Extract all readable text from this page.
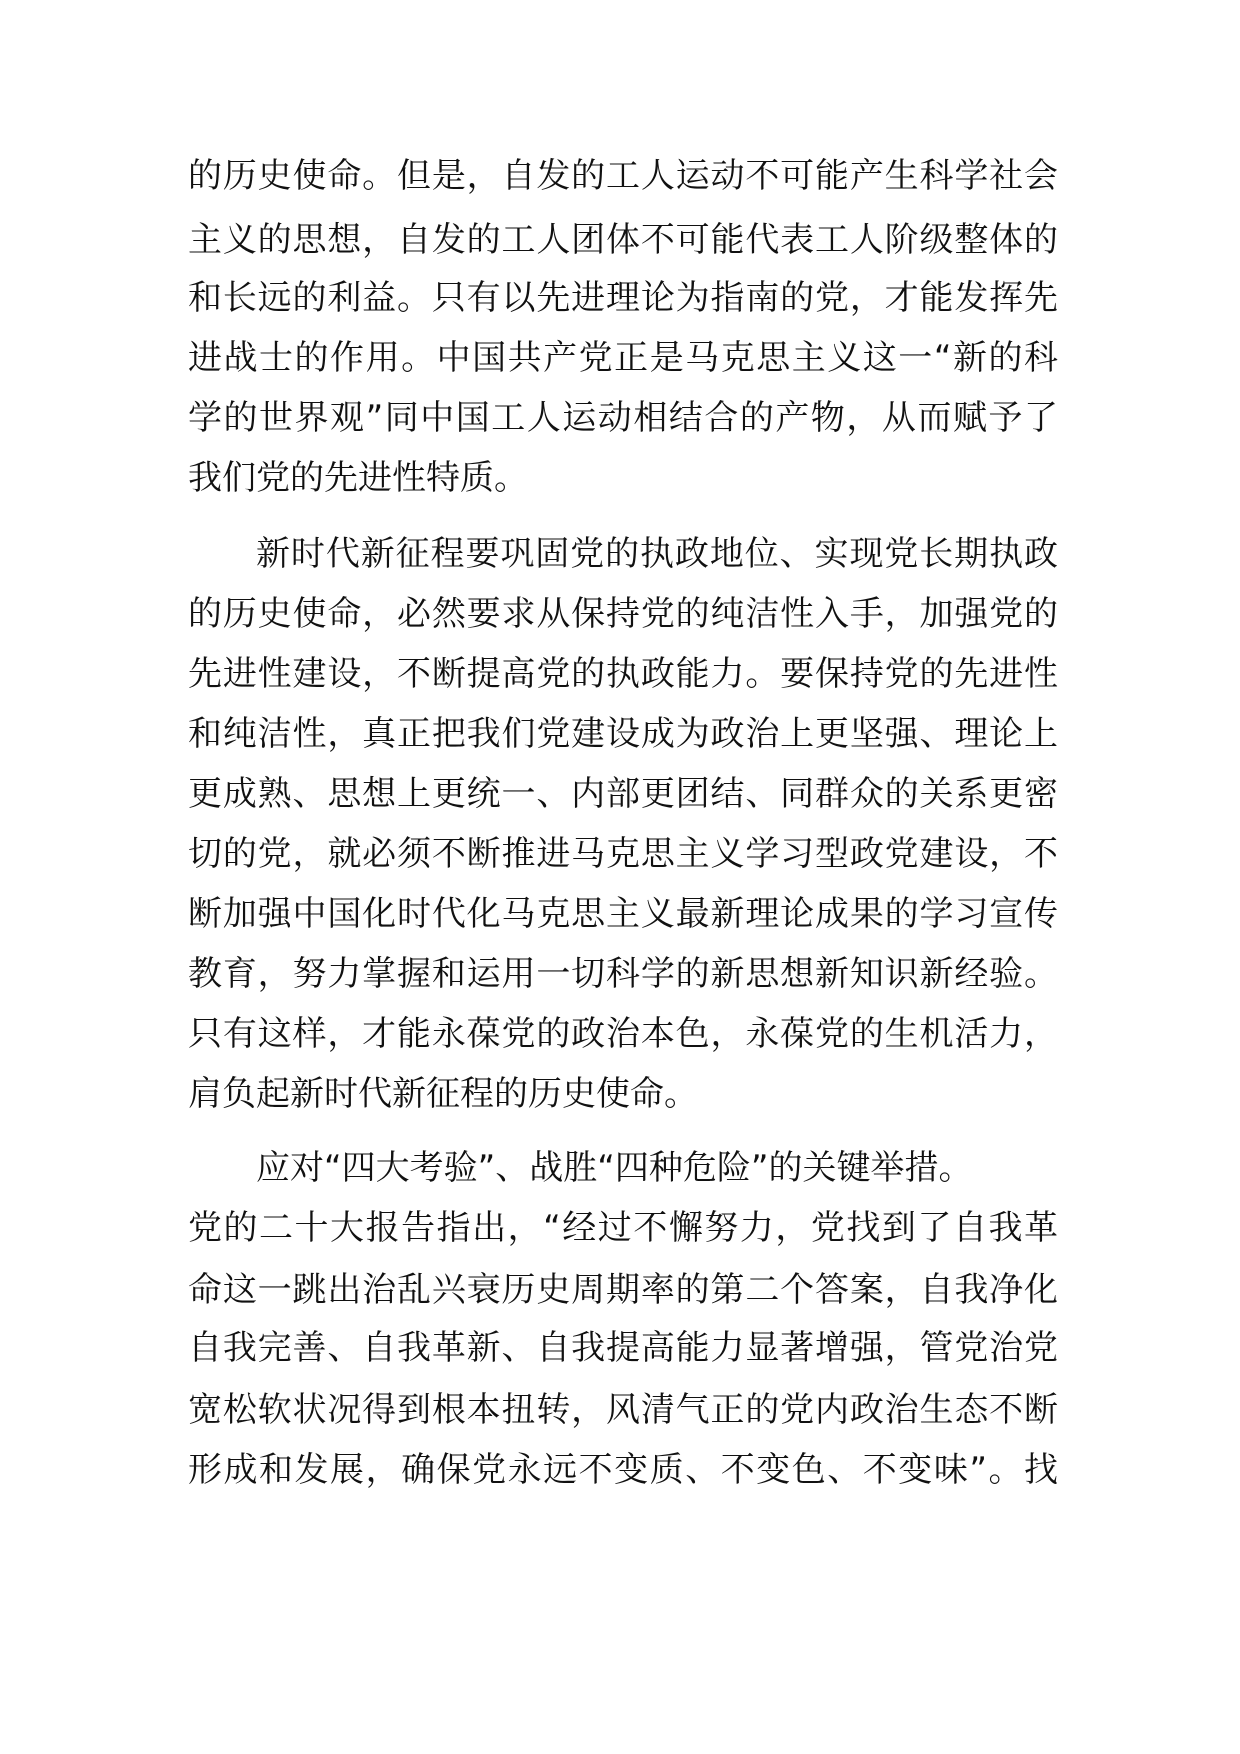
的历史使命。但是，自发的工人运动不可能产生科学社会
主义的思想，自发的工人团体不可能代表工人阶级整体的
和长远的利益。只有以先进理论为指南的党，才能发挥先
进战士的作用。中国共产党正是马克思主义这一“新的科
学的世界观”同中国工人运动相结合的产物，从而赋予了
我们党的先进性特质。
新时代新征程要巩固党的执政地位、实现党长期执政
的历史使命，必然要求从保持党的纯洁性入手，加强党的
先进性建设，不断提高党的执政能力。要保持党的先进性
和纯洁性，真正把我们党建设成为政治上更坚强、理论上
更成熟、思想上更统一、内部更团结、同群众的关系更密
切的党，就必须不断推进马克思主义学习型政党建设，不
断加强中国化时代化马克思主义最新理论成果的学习宣传
教育，努力掌握和运用一切科学的新思想新知识新经验。
只有这样，才能永葆党的政治本色，永葆党的生机活力，
肩负起新时代新征程的历史使命。
应对“四大考验”、战胜“四种危险”的关键举措。
党的二十大报告指出，“经过不懈努力，党找到了自我革
命这一跳出治乱兴衰历史周期率的第二个答案，自我净化
自我完善、自我革新、自我提高能力显著增强，管党治党
宽松软状况得到根本扭转，风清气正的党内政治生态不断
形成和发展，确保党永远不变质、不变色、不变味”。找
